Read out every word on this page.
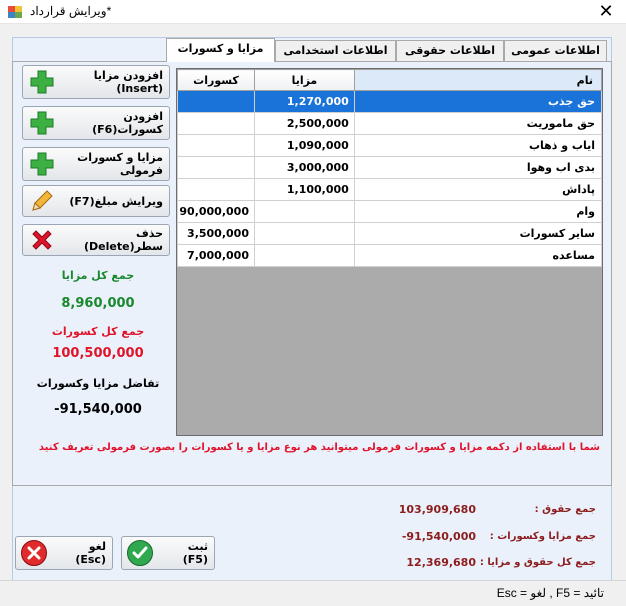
ویرایش قرارداد*	✕
اطلاعات عمومی
اطلاعات حقوقی
اطلاعات استخدامی
مزایا و کسورات
افزودن مزایا (Insert)
افزودن کسورات(F6)
مزایا و کسورات فرمولی
ویرایش مبلغ(F7)
حذف سطر(Delete)
جمع کل مزایا
8,960,000
جمع کل کسورات
100,500,000
تفاضل مزایا وکسورات
-91,540,000
کسورات	مزایا	نام
	1,270,000	حق جذب
	2,500,000	حق ماموریت
	1,090,000	ایاب و ذهاب
	3,000,000	بدی اب وهوا
	1,100,000	پاداش
90,000,000		وام
3,500,000		سایر کسورات
7,000,000		مساعده
شما با استفاده از دکمه مزایا و کسورات فرمولی میتوانید هر نوع مزایا و یا کسورات را بصورت فرمولی تعریف کنید
جمع حقوق :
103,909,680
جمع مزایا وکسورات :
-91,540,000
جمع کل حقوق و مزایا :
12,369,680
ثبت (F5)
لغو (Esc)
تائید = F5 , لغو = Esc
